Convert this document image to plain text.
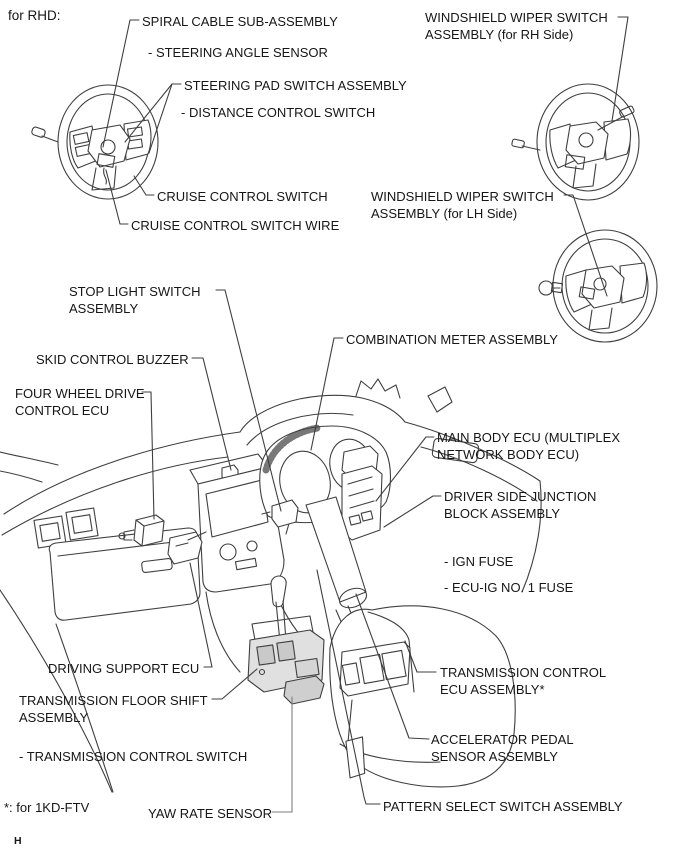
for RHD:	SPIRAL CABLE SUB-ASSEMBLY
- STEERING ANGLE SENSOR
STEERING PAD SWITCH ASSEMBLY
- DISTANCE CONTROL SWITCH
WINDSHIELD WIPER SWITCH
ASSEMBLY (for RH Side)
CRUISE CONTROL SWITCH
CRUISE CONTROL SWITCH WIRE
WINDSHIELD WIPER SWITCH
ASSEMBLY (for LH Side)
STOP LIGHT SWITCH
ASSEMBLY
COMBINATION METER ASSEMBLY
SKID CONTROL BUZZER
FOUR WHEEL DRIVE
CONTROL ECU
MAIN BODY ECU (MULTIPLEX
NETWORK BODY ECU)
DRIVER SIDE JUNCTION
BLOCK ASSEMBLY
- IGN FUSE
- ECU-IG NO. 1 FUSE
DRIVING SUPPORT ECU
TRANSMISSION FLOOR SHIFT
ASSEMBLY
- TRANSMISSION CONTROL SWITCH
TRANSMISSION CONTROL
ECU ASSEMBLY*
ACCELERATOR PEDAL
SENSOR ASSEMBLY
YAW RATE SENSOR	PATTERN SELECT SWITCH ASSEMBLY
*: for 1KD-FTV
H
